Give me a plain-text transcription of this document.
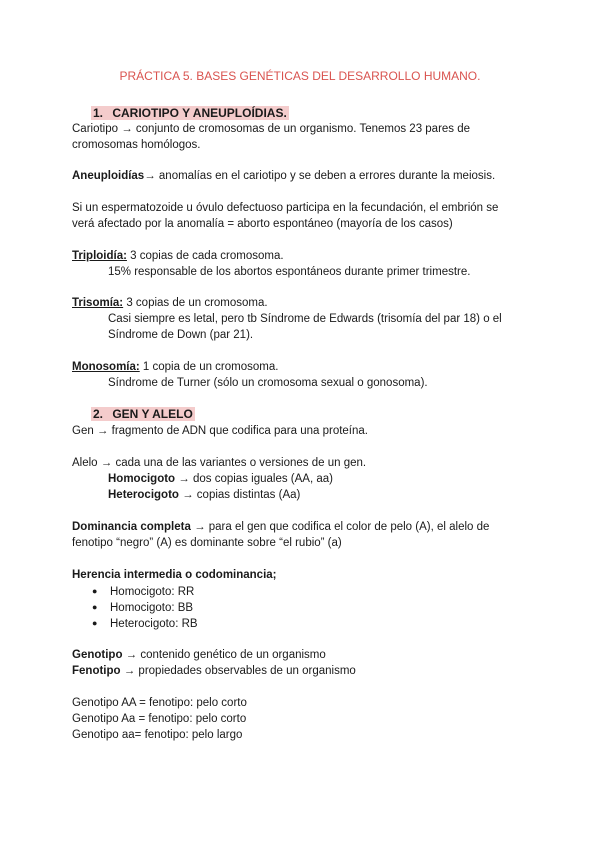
PRÁCTICA 5. BASES GENÉTICAS DEL DESARROLLO HUMANO.
1. CARIOTIPO Y ANEUPLOÍDIAS.
Cariotipo → conjunto de cromosomas de un organismo. Tenemos 23 pares de
cromosomas homólogos.
Aneuploidías→ anomalías en el cariotipo y se deben a errores durante la meiosis.
Si un espermatozoide u óvulo defectuoso participa en la fecundación, el embrión se
verá afectado por la anomalía = aborto espontáneo (mayoría de los casos)
Triploidía: 3 copias de cada cromosoma.
15% responsable de los abortos espontáneos durante primer trimestre.
Trisomía: 3 copias de un cromosoma.
Casi siempre es letal, pero tb Síndrome de Edwards (trisomía del par 18) o el
Síndrome de Down (par 21).
Monosomía: 1 copia de un cromosoma.
Síndrome de Turner (sólo un cromosoma sexual o gonosoma).
2. GEN Y ALELO
Gen → fragmento de ADN que codifica para una proteína.
Alelo → cada una de las variantes o versiones de un gen.
Homocigoto → dos copias iguales (AA, aa)
Heterocigoto → copias distintas (Aa)
Dominancia completa → para el gen que codifica el color de pelo (A), el alelo de
fenotipo “negro” (A) es dominante sobre “el rubio” (a)
Herencia intermedia o codominancia;
● Homocigoto: RR
● Homocigoto: BB
● Heterocigoto: RB
Genotipo → contenido genético de un organismo
Fenotipo → propiedades observables de un organismo
Genotipo AA = fenotipo: pelo corto
Genotipo Aa = fenotipo: pelo corto
Genotipo aa= fenotipo: pelo largo
